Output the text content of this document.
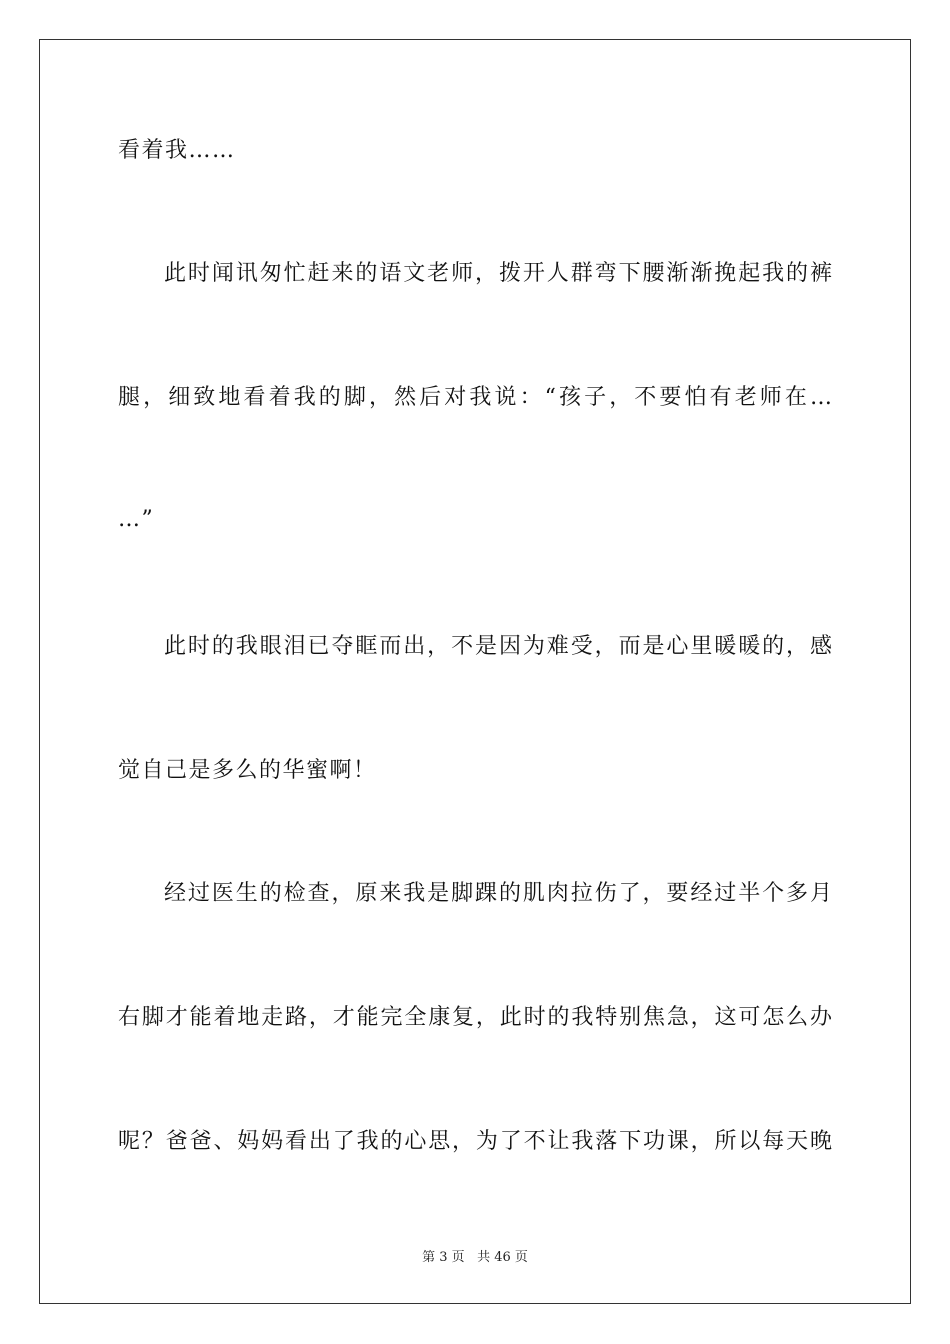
看着我……
此时闻讯匆忙赶来的语文老师，拨开人群弯下腰渐渐挽起我的裤
腿，细致地看着我的脚，然后对我说：“孩子，不要怕有老师在…
…”
此时的我眼泪已夺眶而出，不是因为难受，而是心里暖暖的，感
觉自己是多么的华蜜啊！
经过医生的检查，原来我是脚踝的肌肉拉伤了，要经过半个多月
右脚才能着地走路，才能完全康复，此时的我特别焦急，这可怎么办
呢？爸爸、妈妈看出了我的心思，为了不让我落下功课，所以每天晚
第 3 页 共 46 页
